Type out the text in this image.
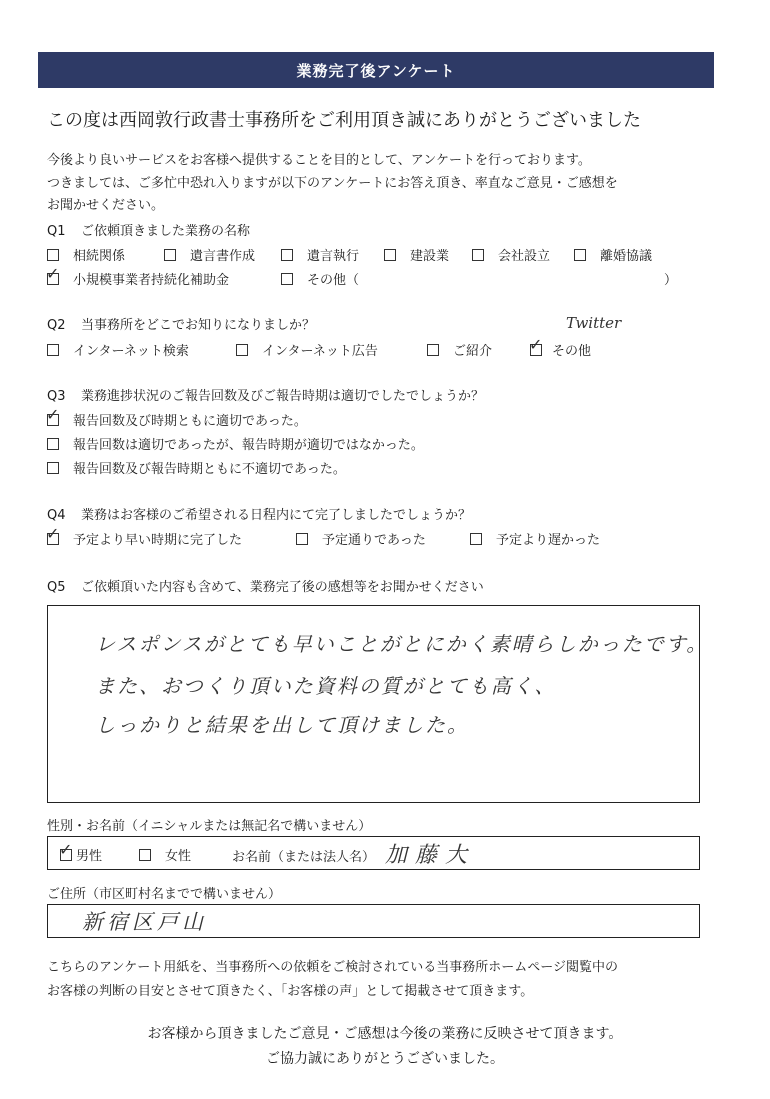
業務完了後アンケート
この度は西岡敦行政書士事務所をご利用頂き誠にありがとうございました
今後より良いサービスをお客様へ提供することを目的として、アンケートを行っております。
つきましては、ご多忙中恐れ入りますが以下のアンケートにお答え頂き、率直なご意見・ご感想を
お聞かせください。
Q1 ご依頼頂きました業務の名称
相続関係	遺言書作成	遺言執行	建設業	会社設立	離婚協議
✓ 小規模事業者持続化補助金	その他（	）
Q2 当事務所をどこでお知りになりましか？	Twitter
インターネット検索	インターネット広告	ご紹介 ✓ その他
Q3 業務進捗状況のご報告回数及びご報告時期は適切でしたでしょうか？
✓ 報告回数及び時期ともに適切であった。
報告回数は適切であったが、報告時期が適切ではなかった。
報告回数及び報告時期ともに不適切であった。
Q4 業務はお客様のご希望される日程内にて完了しましたでしょうか？
✓ 予定より早い時期に完了した	予定通りであった	予定より遅かった
Q5 ご依頼頂いた内容も含めて、業務完了後の感想等をお聞かせください
レスポンスがとても早いことがとにかく素晴らしかったです。
また、おつくり頂いた資料の質がとても高く、
しっかりと結果を出して頂けました。
性別・お名前（イニシャルまたは無記名で構いません）
✓ 男性	女性	お名前（または法人名） 加藤大
ご住所（市区町村名までで構いません）
新宿区戸山
こちらのアンケート用紙を、当事務所への依頼をご検討されている当事務所ホームページ閲覧中の
お客様の判断の目安とさせて頂きたく、「お客様の声」として掲載させて頂きます。
お客様から頂きましたご意見・ご感想は今後の業務に反映させて頂きます。
ご協力誠にありがとうございました。
